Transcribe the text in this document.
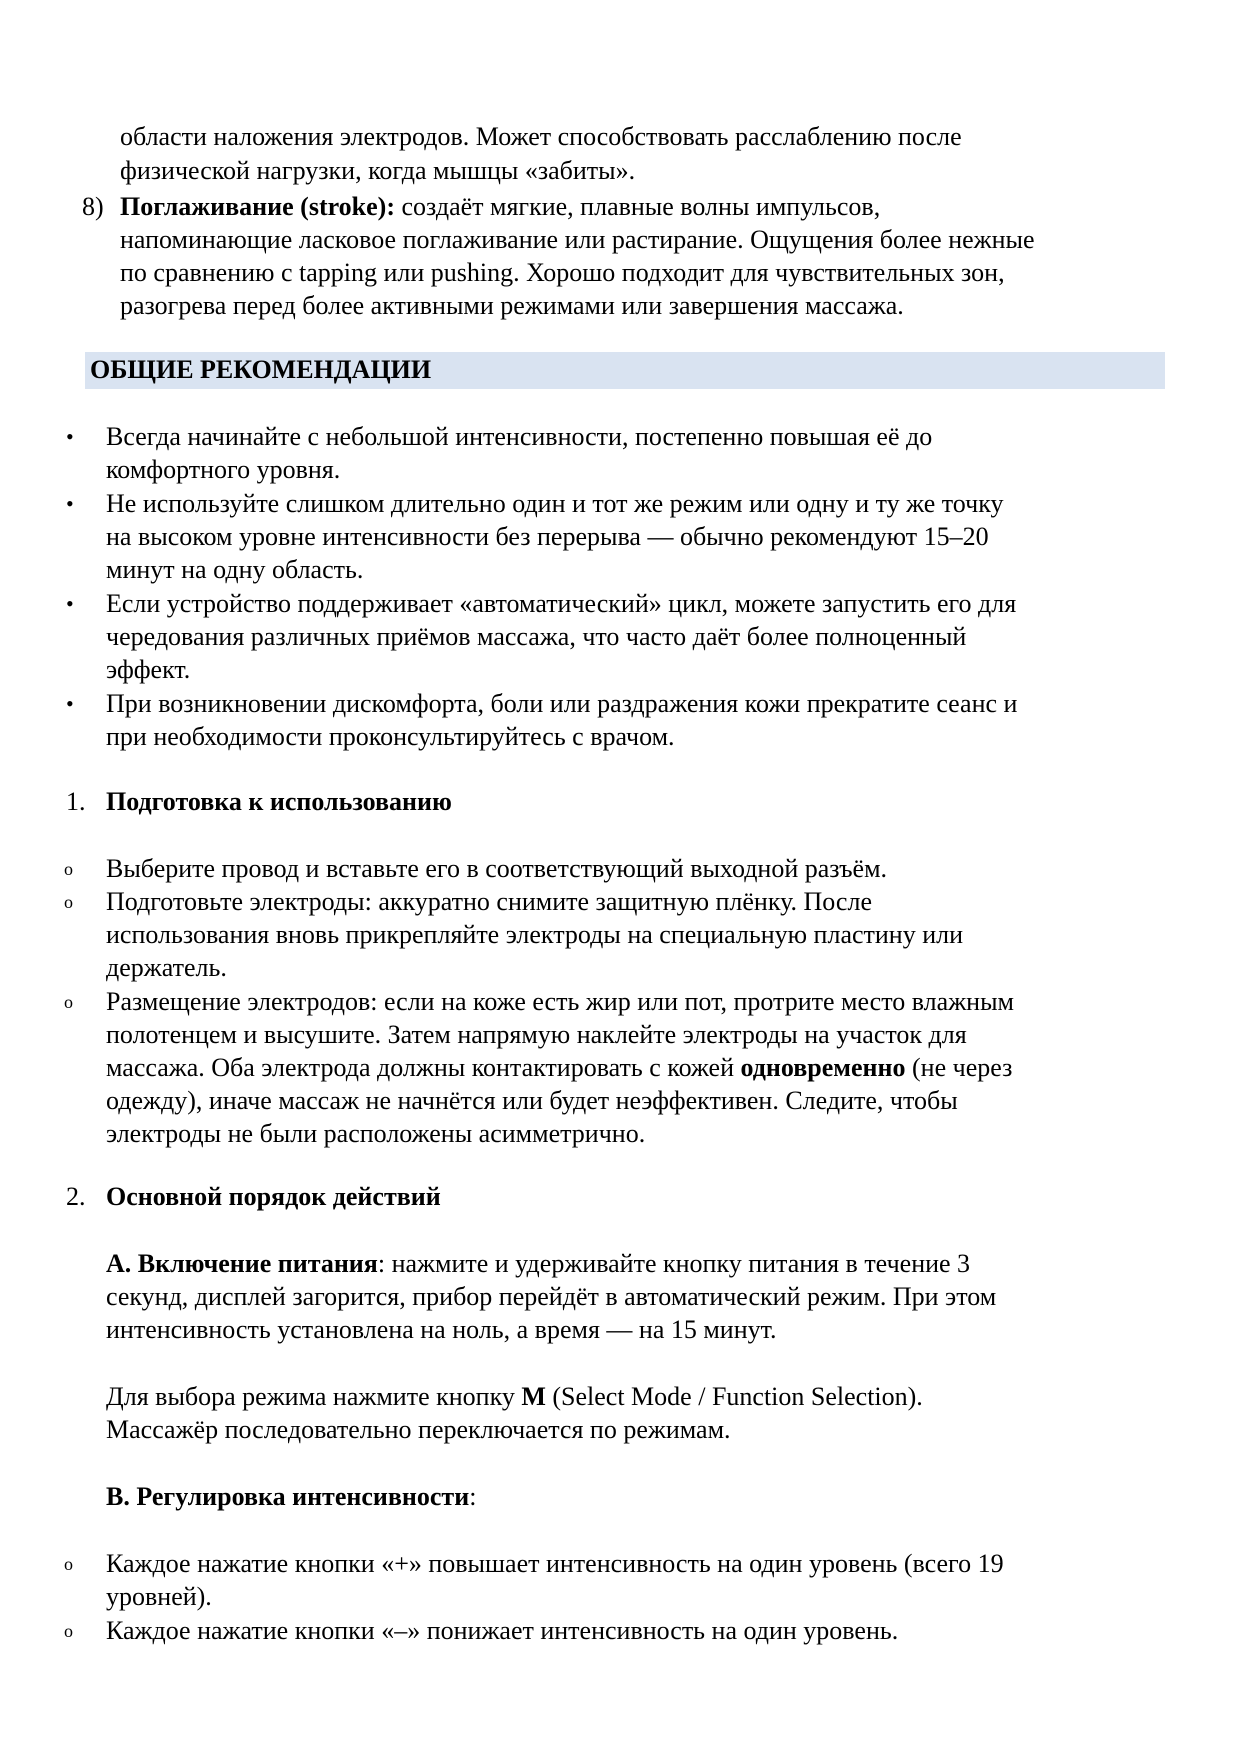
области наложения электродов. Может способствовать расслаблению после
физической нагрузки, когда мышцы «забиты».
8) Поглаживание (stroke): создаёт мягкие, плавные волны импульсов,
напоминающие ласковое поглаживание или растирание. Ощущения более нежные
по сравнению с tapping или pushing. Хорошо подходит для чувствительных зон,
разогрева перед более активными режимами или завершения массажа.
ОБЩИЕ РЕКОМЕНДАЦИИ
• Всегда начинайте с небольшой интенсивности, постепенно повышая её до
комфортного уровня.
• Не используйте слишком длительно один и тот же режим или одну и ту же точку
на высоком уровне интенсивности без перерыва — обычно рекомендуют 15–20
минут на одну область.
• Если устройство поддерживает «автоматический» цикл, можете запустить его для
чередования различных приёмов массажа, что часто даёт более полноценный
эффект.
• При возникновении дискомфорта, боли или раздражения кожи прекратите сеанс и
при необходимости проконсультируйтесь с врачом.
1. Подготовка к использованию
o Выберите провод и вставьте его в соответствующий выходной разъём.
o Подготовьте электроды: аккуратно снимите защитную плёнку. После
использования вновь прикрепляйте электроды на специальную пластину или
держатель.
o Размещение электродов: если на коже есть жир или пот, протрите место влажным
полотенцем и высушите. Затем напрямую наклейте электроды на участок для
массажа. Оба электрода должны контактировать с кожей одновременно (не через
одежду), иначе массаж не начнётся или будет неэффективен. Следите, чтобы
электроды не были расположены асимметрично.
2. Основной порядок действий
А. Включение питания: нажмите и удерживайте кнопку питания в течение 3
секунд, дисплей загорится, прибор перейдёт в автоматический режим. При этом
интенсивность установлена на ноль, а время — на 15 минут.
Для выбора режима нажмите кнопку M (Select Mode / Function Selection).
Массажёр последовательно переключается по режимам.
B. Регулировка интенсивности:
o Каждое нажатие кнопки «+» повышает интенсивность на один уровень (всего 19
уровней).
o Каждое нажатие кнопки «–» понижает интенсивность на один уровень.
